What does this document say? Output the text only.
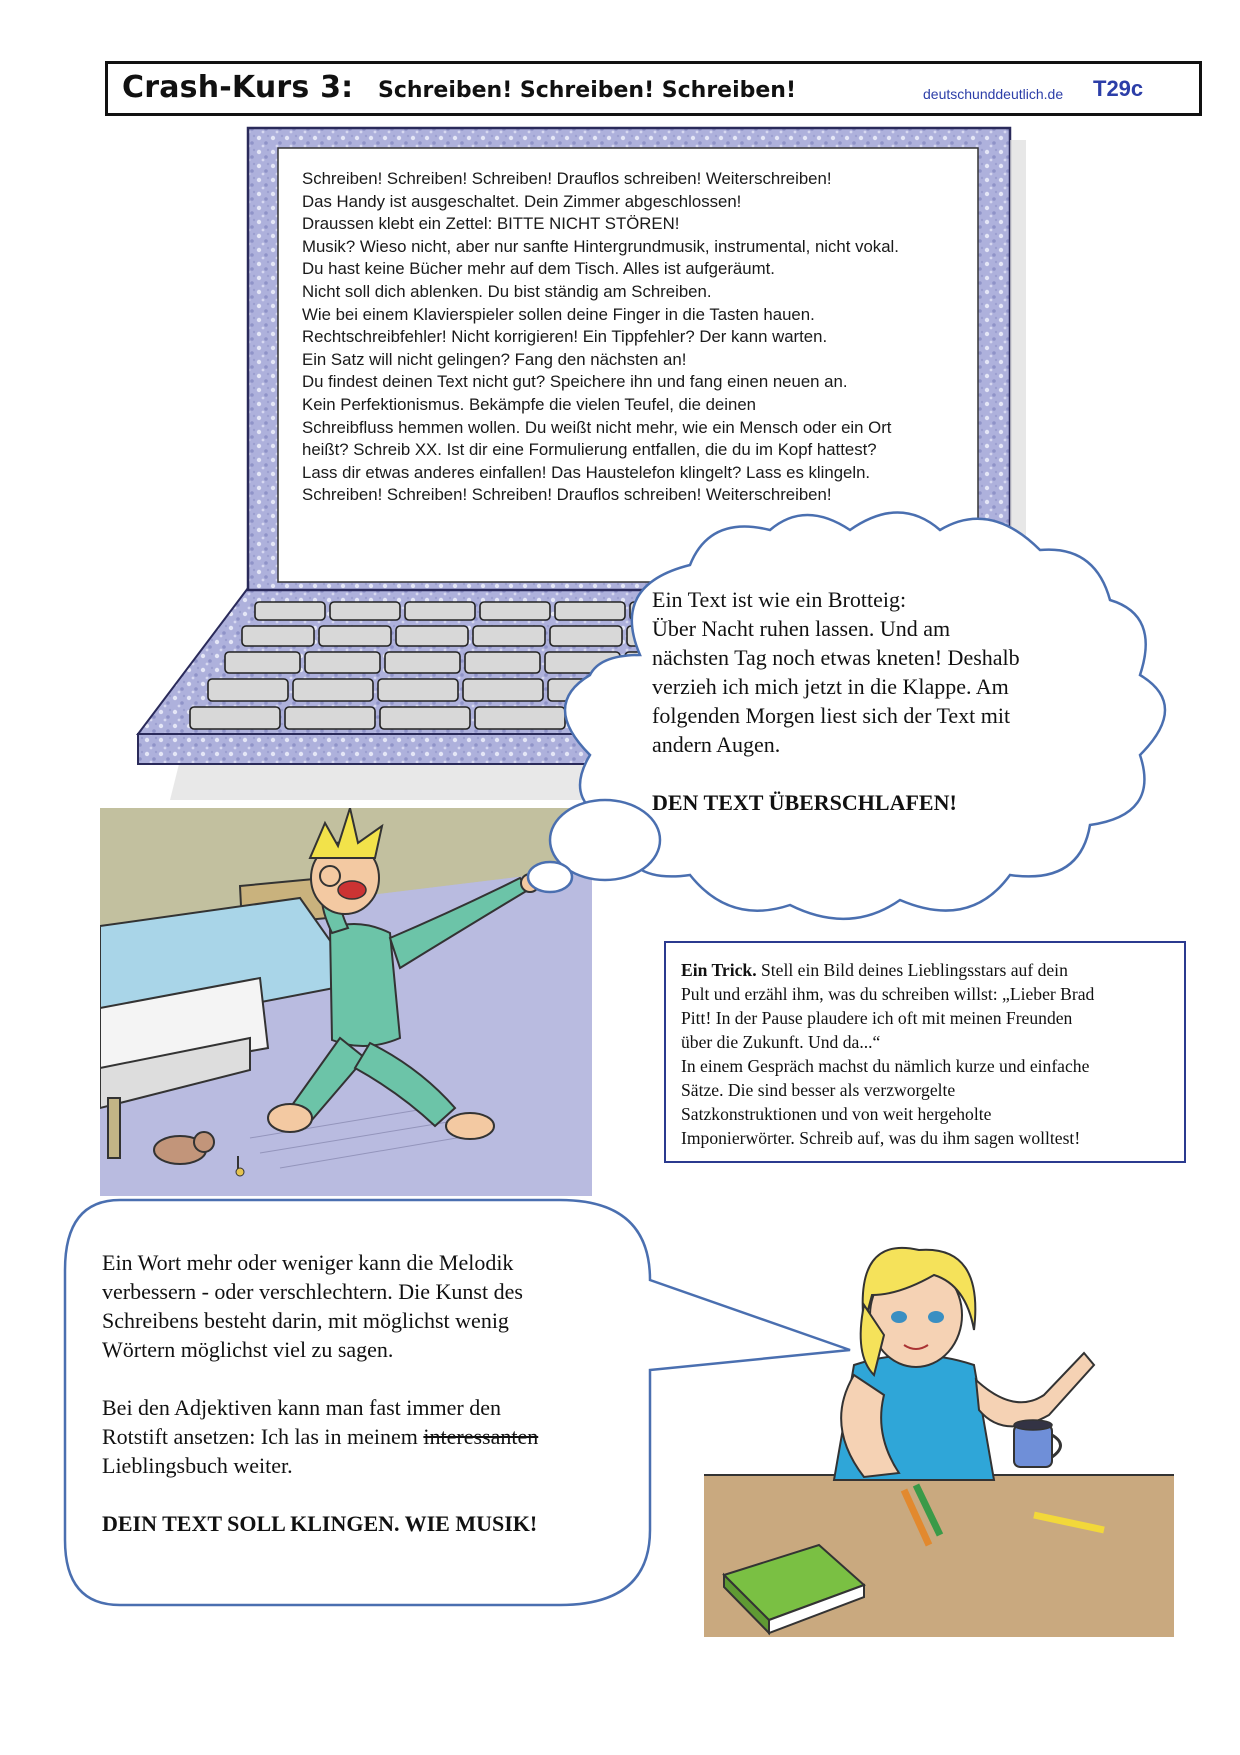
Crash-Kurs 3: Schreiben! Schreiben! Schreiben!	deutschunddeutlich.de T29c
Schreiben! Schreiben! Schreiben! Drauflos schreiben! Weiterschreiben!
Das Handy ist ausgeschaltet. Dein Zimmer abgeschlossen!
Draussen klebt ein Zettel: BITTE NICHT STÖREN!
Musik? Wieso nicht, aber nur sanfte Hintergrundmusik, instrumental, nicht vokal.
Du hast keine Bücher mehr auf dem Tisch. Alles ist aufgeräumt.
Nicht soll dich ablenken. Du bist ständig am Schreiben.
Wie bei einem Klavierspieler sollen deine Finger in die Tasten hauen.
Rechtschreibfehler! Nicht korrigieren! Ein Tippfehler? Der kann warten.
Ein Satz will nicht gelingen? Fang den nächsten an!
Du findest deinen Text nicht gut? Speichere ihn und fang einen neuen an.
Kein Perfektionismus. Bekämpfe die vielen Teufel, die deinen
Schreibfluss hemmen wollen. Du weißt nicht mehr, wie ein Mensch oder ein Ort
heißt? Schreib XX. Ist dir eine Formulierung entfallen, die du im Kopf hattest?
Lass dir etwas anderes einfallen! Das Haustelefon klingelt? Lass es klingeln.
Schreiben! Schreiben! Schreiben! Drauflos schreiben! Weiterschreiben!

Ein Text ist wie ein Brotteig:

Über Nacht ruhen lassen. Und am

nächsten Tag noch etwas kneten! Deshalb

verzieh ich mich jetzt in die Klappe. Am

folgenden Morgen liest sich der Text mit

andern Augen.

DEN TEXT ÜBERSCHLAFEN!

Ein Trick. Stell ein Bild deines Lieblingsstars auf dein

Pult und erzähl ihm, was du schreiben willst: „Lieber Brad

Pitt! In der Pause plaudere ich oft mit meinen Freunden

über die Zukunft. Und da...“

In einem Gespräch machst du nämlich kurze und einfache

Sätze. Die sind besser als verzworgelte

Satzkonstruktionen und von weit hergeholte

Imponierwörter. Schreib auf, was du ihm sagen wolltest!

Ein Wort mehr oder weniger kann die Melodik

verbessern - oder verschlechtern. Die Kunst des

Schreibens besteht darin, mit möglichst wenig

Wörtern möglichst viel zu sagen.

Bei den Adjektiven kann man fast immer den

Rotstift ansetzen: Ich las in meinem interessanten

Lieblingsbuch weiter.

DEIN TEXT SOLL KLINGEN. WIE MUSIK!
